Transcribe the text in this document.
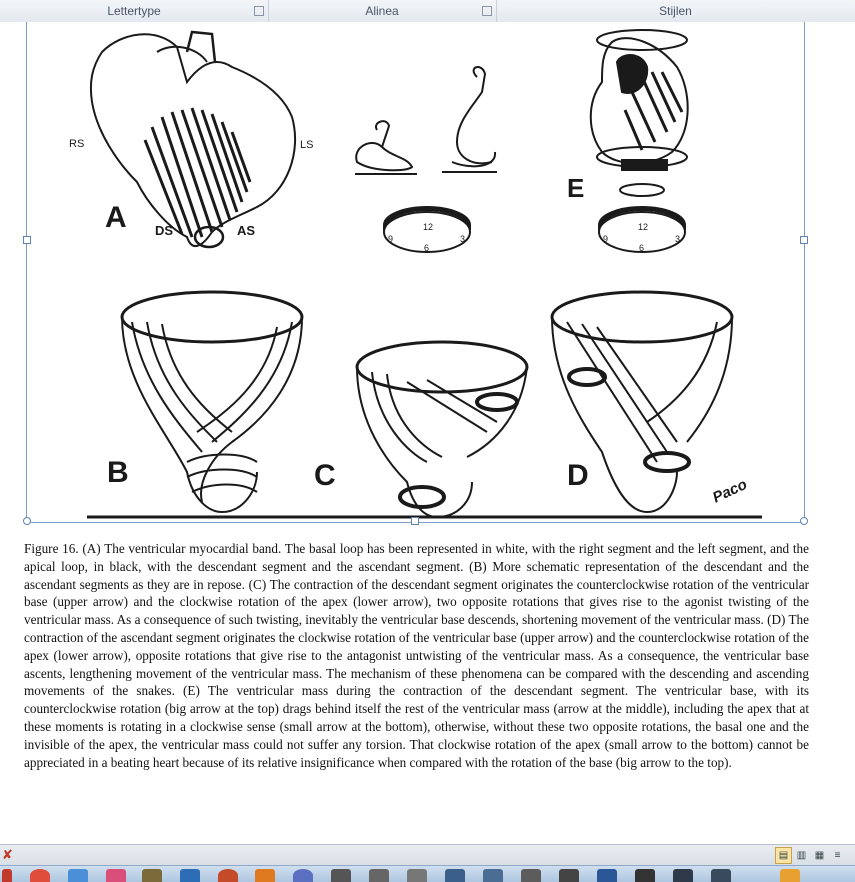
Lettertype	Alinea	Stijlen
A
B	C	D
E
RS	LS
DS	AS	12
3
6
9
12
3
6
9
Paco
Figure 16. (A) The ventricular myocardial band. The basal loop has been represented in white, with the right segment and the left segment, and the apical loop, in black, with the descendant segment and the ascendant segment. (B) More schematic representation of the descendant and the ascendant segments as they are in repose. (C) The contraction of the descendant segment originates the counterclockwise rotation of the ventricular base (upper arrow) and the clockwise rotation of the apex (lower arrow), two opposite rotations that gives rise to the agonist twisting of the ventricular mass. As a consequence of such twisting, inevitably the ventricular base descends, shortening movement of the ventricular mass. (D) The contraction of the ascendant segment originates the clockwise rotation of the ventricular base (upper arrow) and the counterclockwise rotation of the apex (lower arrow), opposite rotations that give rise to the antagonist untwisting of the ventricular mass. As a consequence, the ventricular base ascents, lengthening movement of the ventricular mass. The mechanism of these phenomena can be compared with the descending and ascending movements of the snakes. (E) The ventricular mass during the contraction of the descendant segment. The ventricular base, with its counterclockwise rotation (big arrow at the top) drags behind itself the rest of the ventricular mass (arrow at the middle), including the apex that at these moments is rotating in a clockwise sense (small arrow at the bottom), otherwise, without these two opposite rotations, the basal one and the invisible of the apex, the ventricular mass could not suffer any torsion. That clockwise rotation of the apex (small arrow to the bottom) cannot be appreciated in a beating heart because of its relative insignificance when compared with the rotation of the base (big arrow to the top).
✘	▤ ▥ ▦	≡
